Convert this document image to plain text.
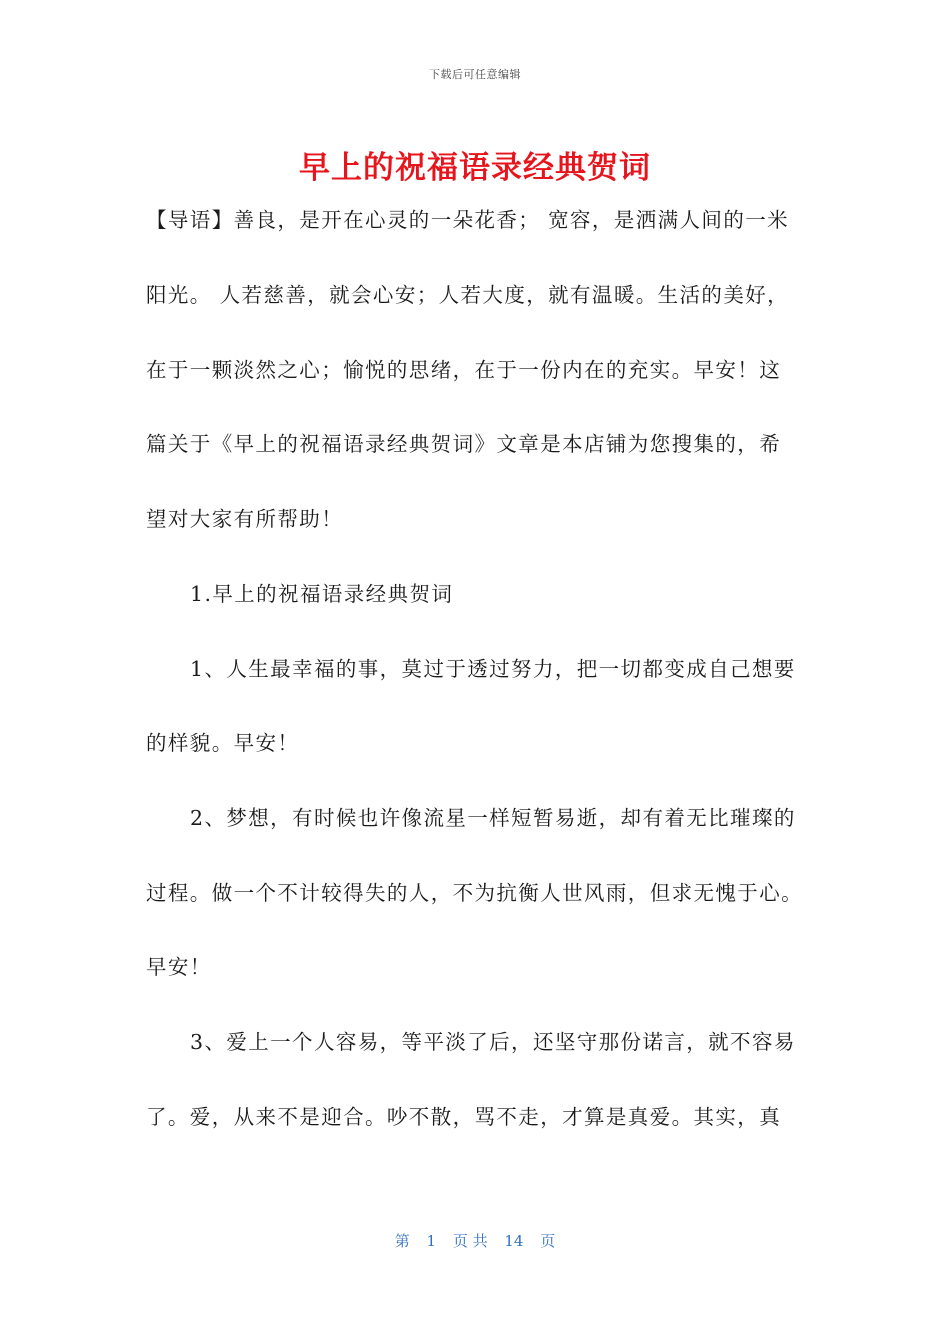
下载后可任意编辑
早上的祝福语录经典贺词
【导语】善良，是开在心灵的一朵花香； 宽容，是洒满人间的一米
阳光。 人若慈善，就会心安；人若大度，就有温暖。生活的美好，
在于一颗淡然之心；愉悦的思绪，在于一份内在的充实。早安！这
篇关于《早上的祝福语录经典贺词》文章是本店铺为您搜集的，希
望对大家有所帮助！
1.早上的祝福语录经典贺词
1、人生最幸福的事，莫过于透过努力，把一切都变成自己想要
的样貌。早安！
2、梦想，有时候也许像流星一样短暂易逝，却有着无比璀璨的
过程。做一个不计较得失的人，不为抗衡人世风雨，但求无愧于心。
早安！
3、爱上一个人容易，等平淡了后，还坚守那份诺言，就不容易
了。爱，从来不是迎合。吵不散，骂不走，才算是真爱。其实，真
第 1 页 共 14 页
